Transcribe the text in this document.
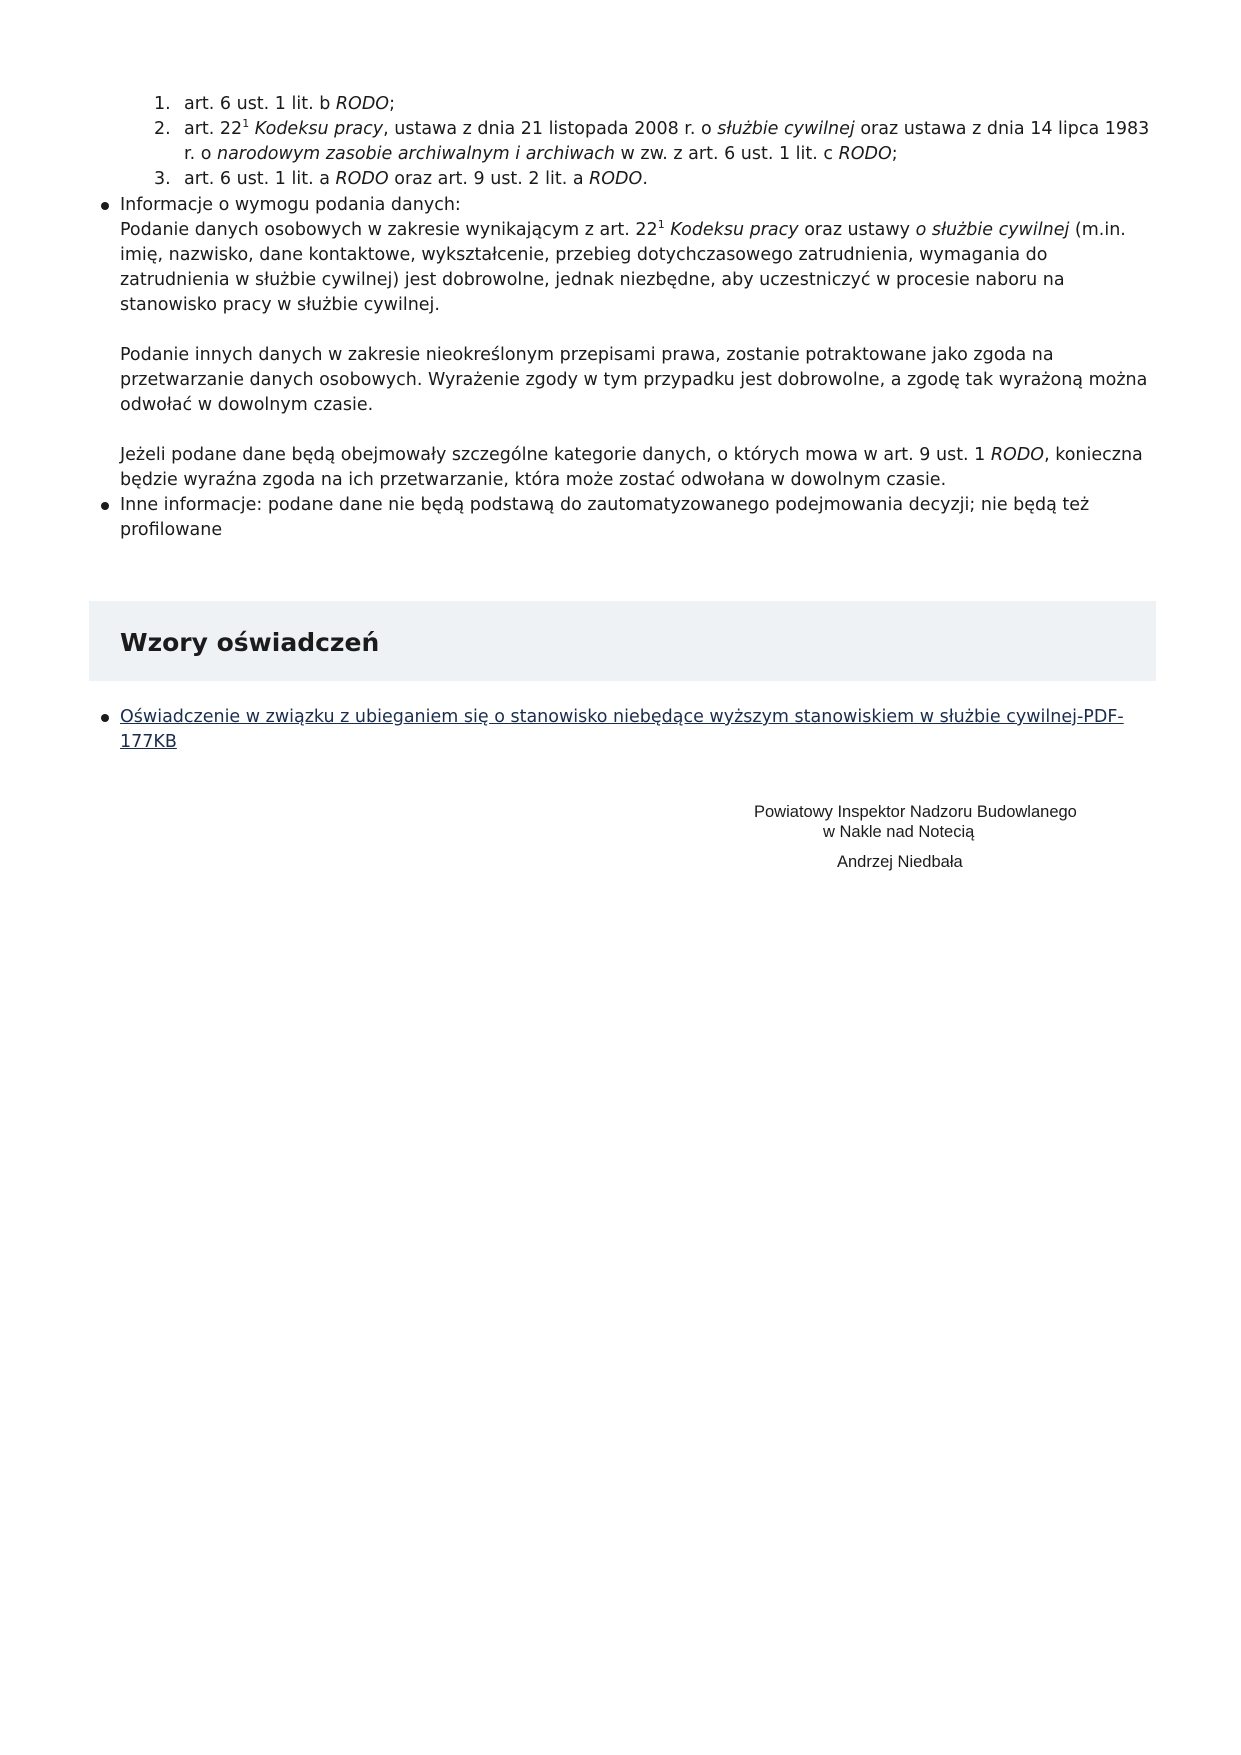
1. art. 6 ust. 1 lit. b RODO;
2. art. $22^1$ Kodeksu pracy, ustawa z dnia 21 listopada 2008 r. o służbie cywilnej oraz ustawa z dnia 14 lipca 1983 r. o narodowym zasobie archiwalnym i archiwach w zw. z art. 6 ust. 1 lit. c RODO;
3. art. 6 ust. 1 lit. a RODO oraz art. 9 ust. 2 lit. a RODO.
Informacje o wymogu podania danych:
Podanie danych osobowych w zakresie wynikającym z art. $22^1$ Kodeksu pracy oraz ustawy o służbie cywilnej (m.in. imię, nazwisko, dane kontaktowe, wykształcenie, przebieg dotychczasowego zatrudnienia, wymagania do zatrudnienia w służbie cywilnej) jest dobrowolne, jednak niezbędne, aby uczestniczyć w procesie naboru na stanowisko pracy w służbie cywilnej.
Podanie innych danych w zakresie nieokreślonym przepisami prawa, zostanie potraktowane jako zgoda na przetwarzanie danych osobowych. Wyrażenie zgody w tym przypadku jest dobrowolne, a zgodę tak wyrażoną można odwołać w dowolnym czasie.
Jeżeli podane dane będą obejmowały szczególne kategorie danych, o których mowa w art. 9 ust. 1 RODO, konieczna będzie wyraźna zgoda na ich przetwarzanie, która może zostać odwołana w dowolnym czasie.
Inne informacje: podane dane nie będą podstawą do zautomatyzowanego podejmowania decyzji; nie będą też profilowane
Wzory oświadczeń
Oświadczenie w związku z ubieganiem się o stanowisko niebędące wyższym stanowiskiem w służbie cywilnej-PDF-177KB
Powiatowy Inspektor Nadzoru Budowlanego
w Nakle nad Notecią
Andrzej Niedbała
